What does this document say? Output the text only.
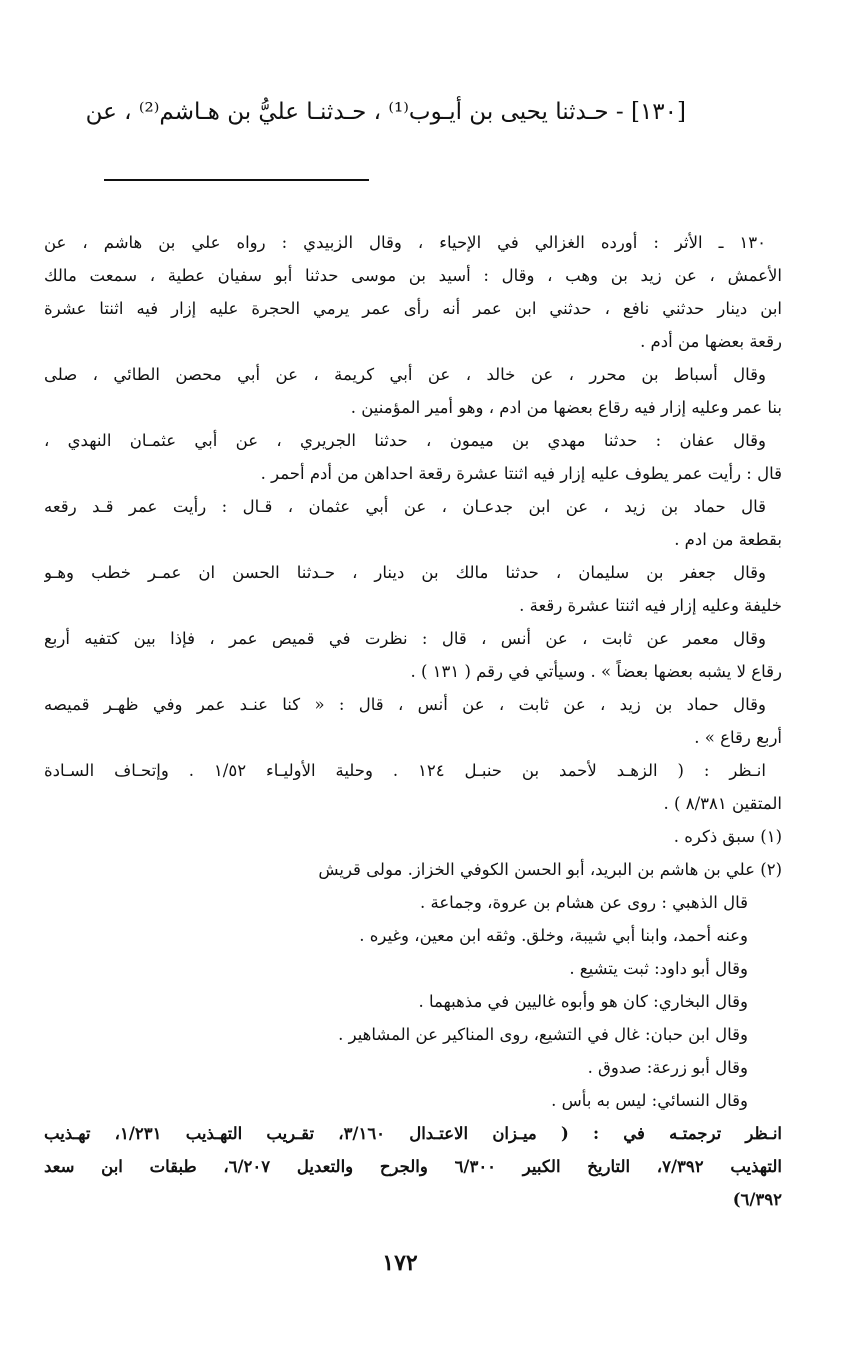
[١٣٠] - حـدثنا يحيى بن أيـوب⁽¹⁾ ، حـدثنـا عليُّ بن هـاشم⁽²⁾ ، عن
١٣٠ ـ الأثر : أورده الغزالي في الإحياء ، وقال الزبيدي : رواه علي بن هاشم ، عن
الأعمش ، عن زيد بن وهب ، وقال : أسيد بن موسى حدثنا أبو سفيان عطية ، سمعت مالك
ابن دينار حدثني نافع ، حدثني ابن عمر أنه رأى عمر يرمي الحجرة عليه إزار فيه اثنتا عشرة
رقعة بعضها من أدم .
وقال أسباط بن محرر ، عن خالد ، عن أبي كريمة ، عن أبي محصن الطائي ، صلى
بنا عمر وعليه إزار فيه رقاع بعضها من ادم ، وهو أمير المؤمنين .
وقال عفان : حدثنا مهدي بن ميمون ، حدثنا الجريري ، عن أبي عثمـان النهدي ،
قال : رأيت عمر يطوف عليه إزار فيه اثنتا عشرة رقعة احداهن من أدم أحمر .
قال حماد بن زيد ، عن ابن جدعـان ، عن أبي عثمان ، قـال : رأيت عمر قـد رقعه
بقطعة من ادم .
وقال جعفر بن سليمان ، حدثنا مالك بن دينار ، حـدثنا الحسن ان عمـر خطب وهـو
خليفة وعليه إزار فيه اثنتا عشرة رقعة .
وقال معمر عن ثابت ، عن أنس ، قال : نظرت في قميص عمر ، فإذا بين كتفيه أربع
رقاع لا يشبه بعضها بعضاً » . وسيأتي في رقم ( ١٣١ ) .
وقال حماد بن زيد ، عن ثابت ، عن أنس ، قال : « كنا عنـد عمر وفي ظهـر قميصه
أربع رقاع » .
انـظر : ( الزهـد لأحمد بن حنبـل ١٢٤ . وحلية الأوليـاء ١/٥٢ . وإتحـاف السـادة
المتقين ٨/٣٨١ ) .
(١) سبق ذكره .
(٢) علي بن هاشم بن البريد، أبو الحسن الكوفي الخزاز. مولى قريش
قال الذهبي : روى عن هشام بن عروة، وجماعة .
وعنه أحمد، وابنا أبي شيبة، وخلق. وثقه ابن معين، وغيره .
وقال أبو داود: ثبت يتشيع .
وقال البخاري: كان هو وأبوه غاليين في مذهبهما .
وقال ابن حبان: غال في التشيع، روى المناكير عن المشاهير .
وقال أبو زرعة: صدوق .
وقال النسائي: ليس به بأس .
انـظر ترجمتـه في : ( ميـزان الاعتـدال ٣/١٦٠، تقـريب التهـذيب ١/٢٣١، تهـذيب
التهذيب ٧/٣٩٢، التاريخ الكبير ٦/٣٠٠ والجرح والتعديل ٦/٢٠٧، طبقات ابن سعد
٦/٣٩٢)
١٧٢
